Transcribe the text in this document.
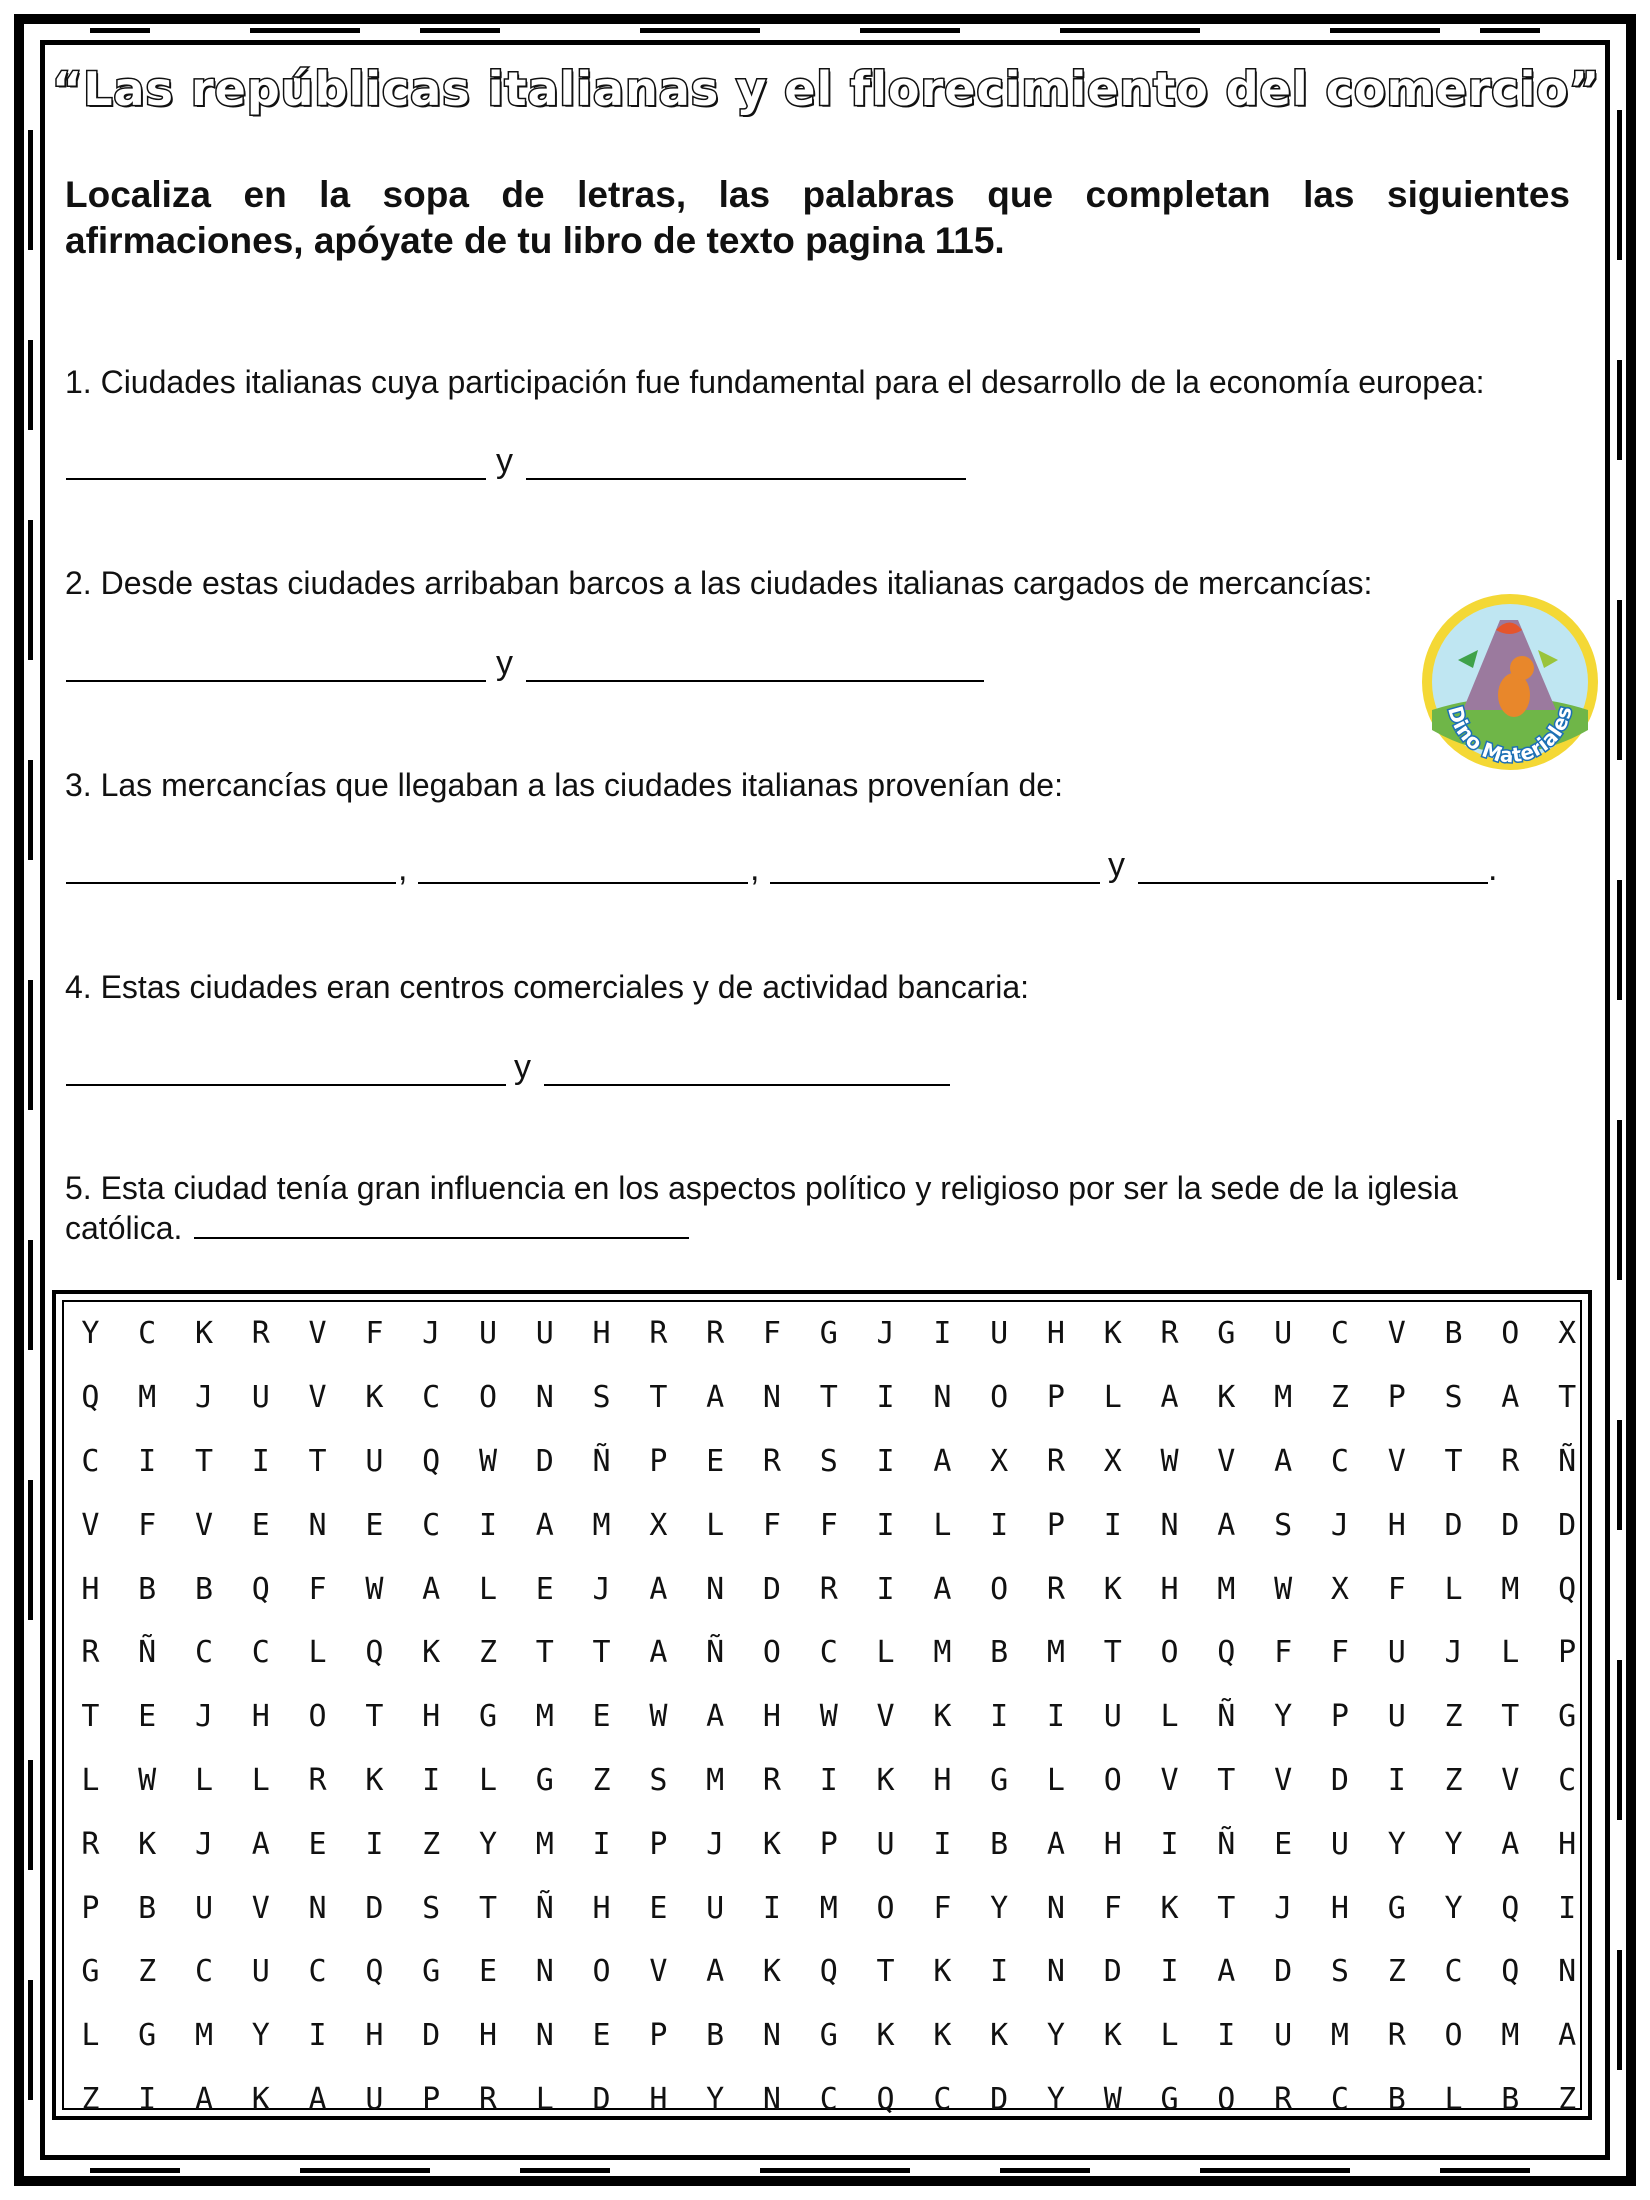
“Las repúblicas italianas y el florecimiento del comercio”
Localiza en la sopa de letras, las palabras que completan las siguientes afirmaciones, apóyate de tu libro de texto pagina 115.
1. Ciudades italianas cuya participación fue fundamental para el desarrollo de la economía europea:
y
2. Desde estas ciudades arribaban barcos a las ciudades italianas cargados de mercancías:
y
Dino Materiales
3. Las mercancías que llegaban a las ciudades italianas provenían de:
,	,	y	.
4. Estas ciudades eran centros comerciales y de actividad bancaria:
y
5. Esta ciudad tenía gran influencia en los aspectos político y religioso por ser la sede de la iglesia católica.
Y	C	K	R	V	F	J	U	U	H	R	R	F	G	J	I	U	H	K	R	G	U	C	V	B	O	X
Q	M	J	U	V	K	C	O	N	S	T	A	N	T	I	N	O	P	L	A	K	M	Z	P	S	A	T
C	I	T	I	T	U	Q	W	D	Ñ	P	E	R	S	I	A	X	R	X	W	V	A	C	V	T	R	Ñ
V	F	V	E	N	E	C	I	A	M	X	L	F	F	I	L	I	P	I	N	A	S	J	H	D	D	D
H	B	B	Q	F	W	A	L	E	J	A	N	D	R	I	A	O	R	K	H	M	W	X	F	L	M	Q
R	Ñ	C	C	L	Q	K	Z	T	T	A	Ñ	O	C	L	M	B	M	T	O	Q	F	F	U	J	L	P
T	E	J	H	O	T	H	G	M	E	W	A	H	W	V	K	I	I	U	L	Ñ	Y	P	U	Z	T	G
L	W	L	L	R	K	I	L	G	Z	S	M	R	I	K	H	G	L	O	V	T	V	D	I	Z	V	C
R	K	J	A	E	I	Z	Y	M	I	P	J	K	P	U	I	B	A	H	I	Ñ	E	U	Y	Y	A	H
P	B	U	V	N	D	S	T	Ñ	H	E	U	I	M	O	F	Y	N	F	K	T	J	H	G	Y	Q	I
G	Z	C	U	C	Q	G	E	N	O	V	A	K	Q	T	K	I	N	D	I	A	D	S	Z	C	Q	N
L	G	M	Y	I	H	D	H	N	E	P	B	N	G	K	K	K	Y	K	L	I	U	M	R	O	M	A
Z	I	A	K	A	U	P	R	L	D	H	Y	N	C	Q	C	D	Y	W	G	O	R	C	B	L	B	Z
